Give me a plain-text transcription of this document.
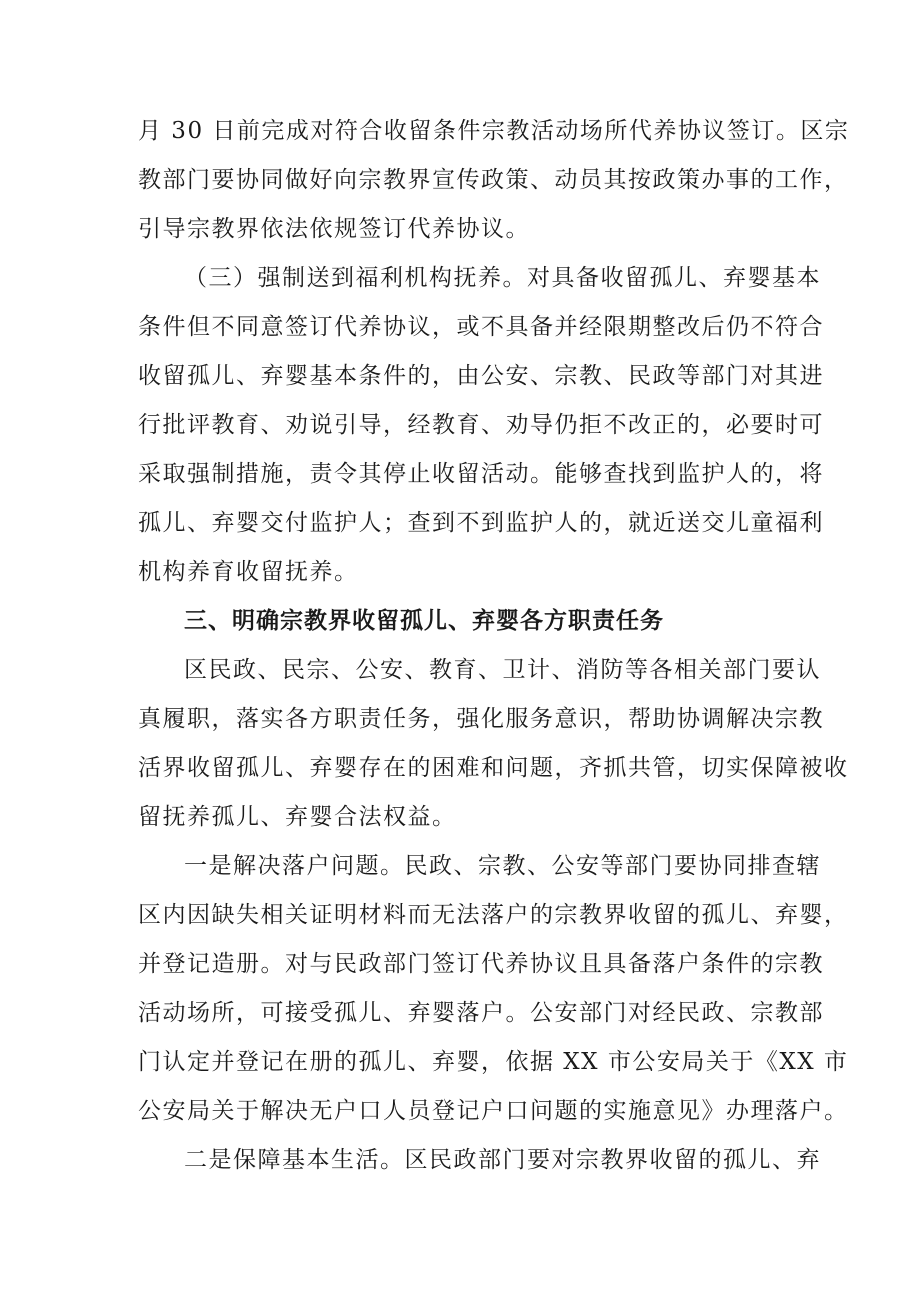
月 30 日前完成对符合收留条件宗教活动场所代养协议签订。区宗
教部门要协同做好向宗教界宣传政策、动员其按政策办事的工作，
引导宗教界依法依规签订代养协议。
（三）强制送到福利机构抚养。对具备收留孤儿、弃婴基本
条件但不同意签订代养协议，或不具备并经限期整改后仍不符合
收留孤儿、弃婴基本条件的，由公安、宗教、民政等部门对其进
行批评教育、劝说引导，经教育、劝导仍拒不改正的，必要时可
采取强制措施，责令其停止收留活动。能够查找到监护人的，将
孤儿、弃婴交付监护人；查到不到监护人的，就近送交儿童福利
机构养育收留抚养。
三、明确宗教界收留孤儿、弃婴各方职责任务
区民政、民宗、公安、教育、卫计、消防等各相关部门要认
真履职，落实各方职责任务，强化服务意识，帮助协调解决宗教
活界收留孤儿、弃婴存在的困难和问题，齐抓共管，切实保障被收
留抚养孤儿、弃婴合法权益。
一是解决落户问题。民政、宗教、公安等部门要协同排查辖
区内因缺失相关证明材料而无法落户的宗教界收留的孤儿、弃婴，
并登记造册。对与民政部门签订代养协议且具备落户条件的宗教
活动场所，可接受孤儿、弃婴落户。公安部门对经民政、宗教部
门认定并登记在册的孤儿、弃婴，依据 XX 市公安局关于《XX 市
公安局关于解决无户口人员登记户口问题的实施意见》办理落户。
二是保障基本生活。区民政部门要对宗教界收留的孤儿、弃
